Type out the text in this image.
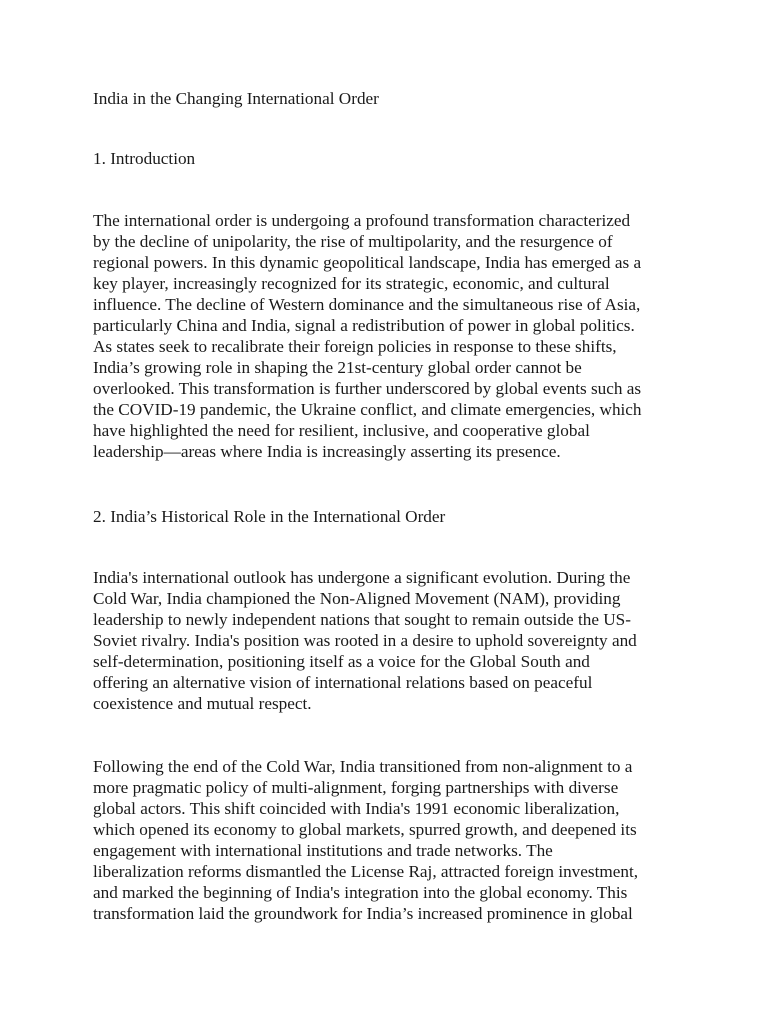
India in the Changing International Order
1. Introduction
The international order is undergoing a profound transformation characterized
by the decline of unipolarity, the rise of multipolarity, and the resurgence of
regional powers. In this dynamic geopolitical landscape, India has emerged as a
key player, increasingly recognized for its strategic, economic, and cultural
influence. The decline of Western dominance and the simultaneous rise of Asia,
particularly China and India, signal a redistribution of power in global politics.
As states seek to recalibrate their foreign policies in response to these shifts,
India’s growing role in shaping the 21st-century global order cannot be
overlooked. This transformation is further underscored by global events such as
the COVID-19 pandemic, the Ukraine conflict, and climate emergencies, which
have highlighted the need for resilient, inclusive, and cooperative global
leadership—areas where India is increasingly asserting its presence.
2. India’s Historical Role in the International Order
India's international outlook has undergone a significant evolution. During the
Cold War, India championed the Non-Aligned Movement (NAM), providing
leadership to newly independent nations that sought to remain outside the US-
Soviet rivalry. India's position was rooted in a desire to uphold sovereignty and
self-determination, positioning itself as a voice for the Global South and
offering an alternative vision of international relations based on peaceful
coexistence and mutual respect.
Following the end of the Cold War, India transitioned from non-alignment to a
more pragmatic policy of multi-alignment, forging partnerships with diverse
global actors. This shift coincided with India's 1991 economic liberalization,
which opened its economy to global markets, spurred growth, and deepened its
engagement with international institutions and trade networks. The
liberalization reforms dismantled the License Raj, attracted foreign investment,
and marked the beginning of India's integration into the global economy. This
transformation laid the groundwork for India’s increased prominence in global
